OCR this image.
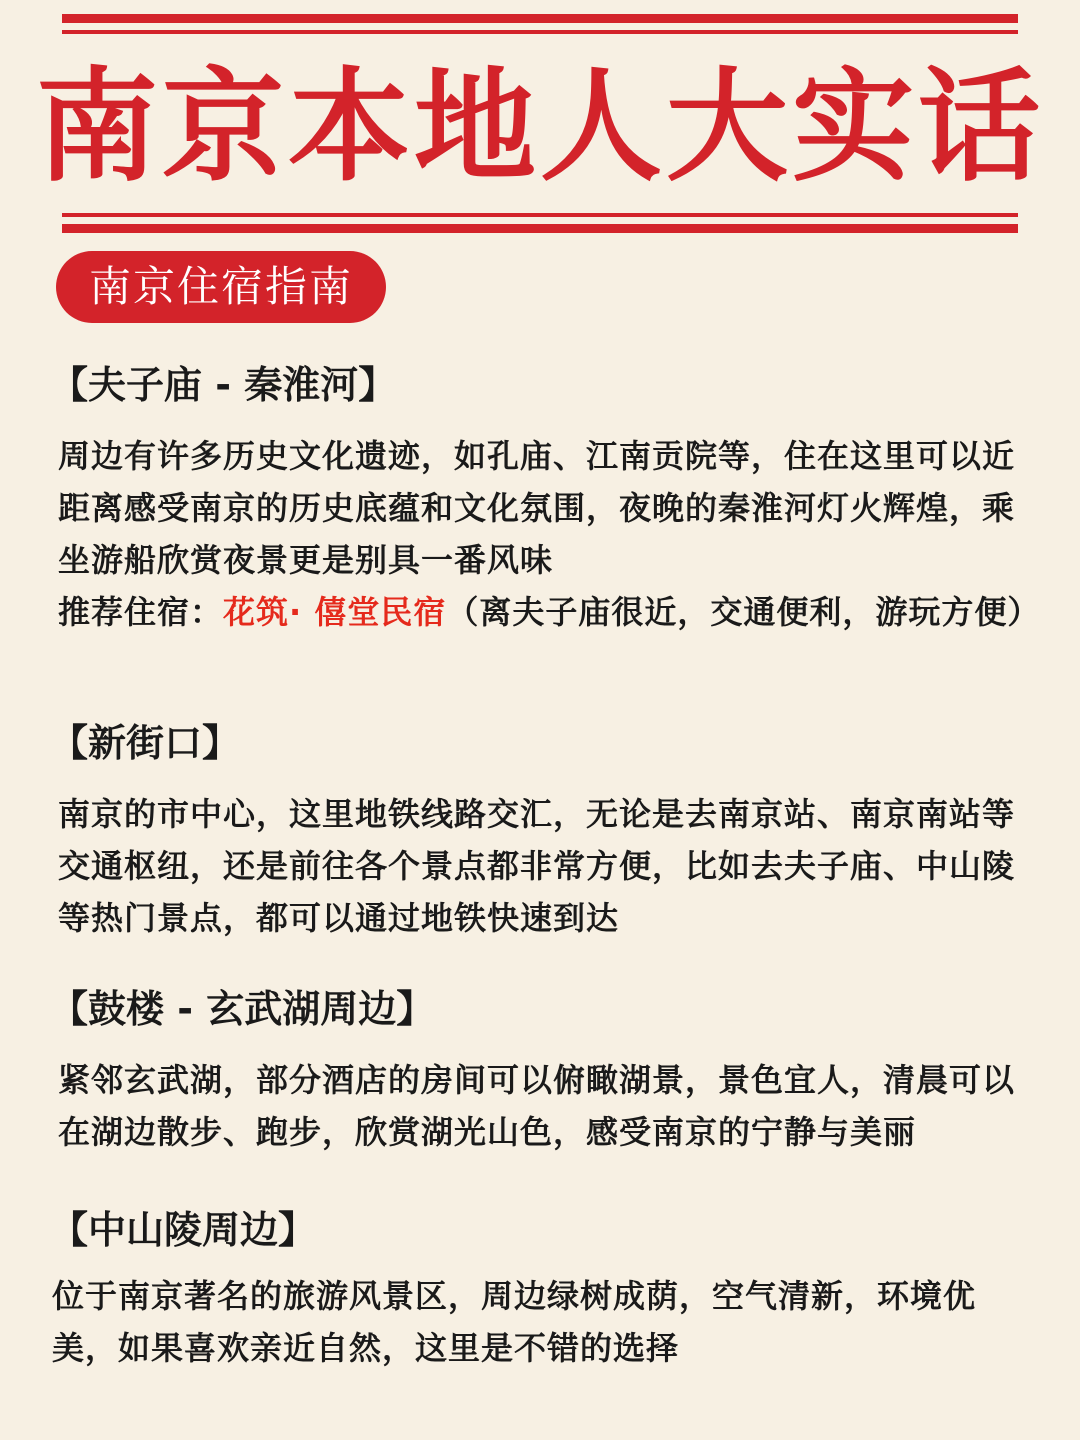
南京本地人大实话
南京住宿指南
【夫子庙 - 秦淮河】
周边有许多历史文化遗迹，如孔庙、江南贡院等，住在这里可以近距离感受南京的历史底蕴和文化氛围，夜晚的秦淮河灯火辉煌，乘坐游船欣赏夜景更是别具一番风味
推荐住宿：花筑· 僖堂民宿（离夫子庙很近，交通便利，游玩方便）
【新街口】
南京的市中心，这里地铁线路交汇，无论是去南京站、南京南站等交通枢纽，还是前往各个景点都非常方便，比如去夫子庙、中山陵等热门景点，都可以通过地铁快速到达
【鼓楼 - 玄武湖周边】
紧邻玄武湖，部分酒店的房间可以俯瞰湖景，景色宜人，清晨可以在湖边散步、跑步，欣赏湖光山色，感受南京的宁静与美丽
【中山陵周边】
位于南京著名的旅游风景区，周边绿树成荫，空气清新，环境优美，如果喜欢亲近自然，这里是不错的选择
